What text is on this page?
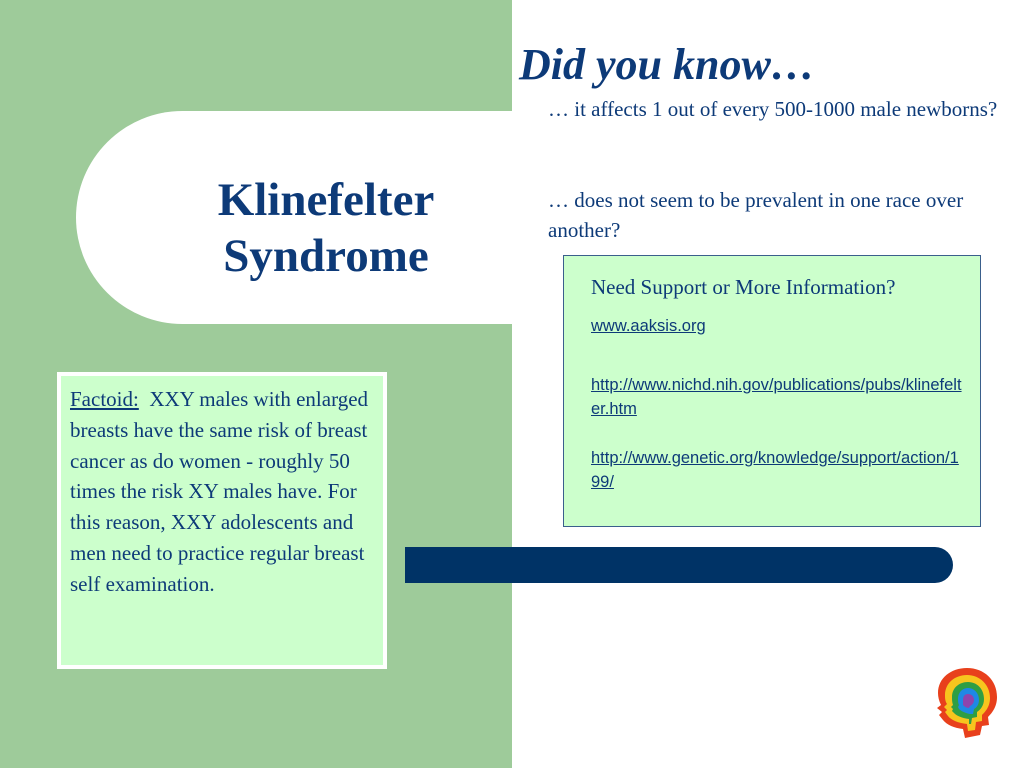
Klinefelter
Syndrome
Did you know…
… it affects 1 out of every 500-1000 male newborns?
… does not seem to be prevalent in one race over another?
Need Support or More Information?
www.aaksis.org
http://www.nichd.nih.gov/publications/pubs/klinefelter.htm
http://www.genetic.org/knowledge/support/action/199/
Factoid: XXY males with enlarged breasts have the same risk of breast cancer as do women - roughly 50 times the risk XY males have. For this reason, XXY adolescents and men need to practice regular breast self examination.
